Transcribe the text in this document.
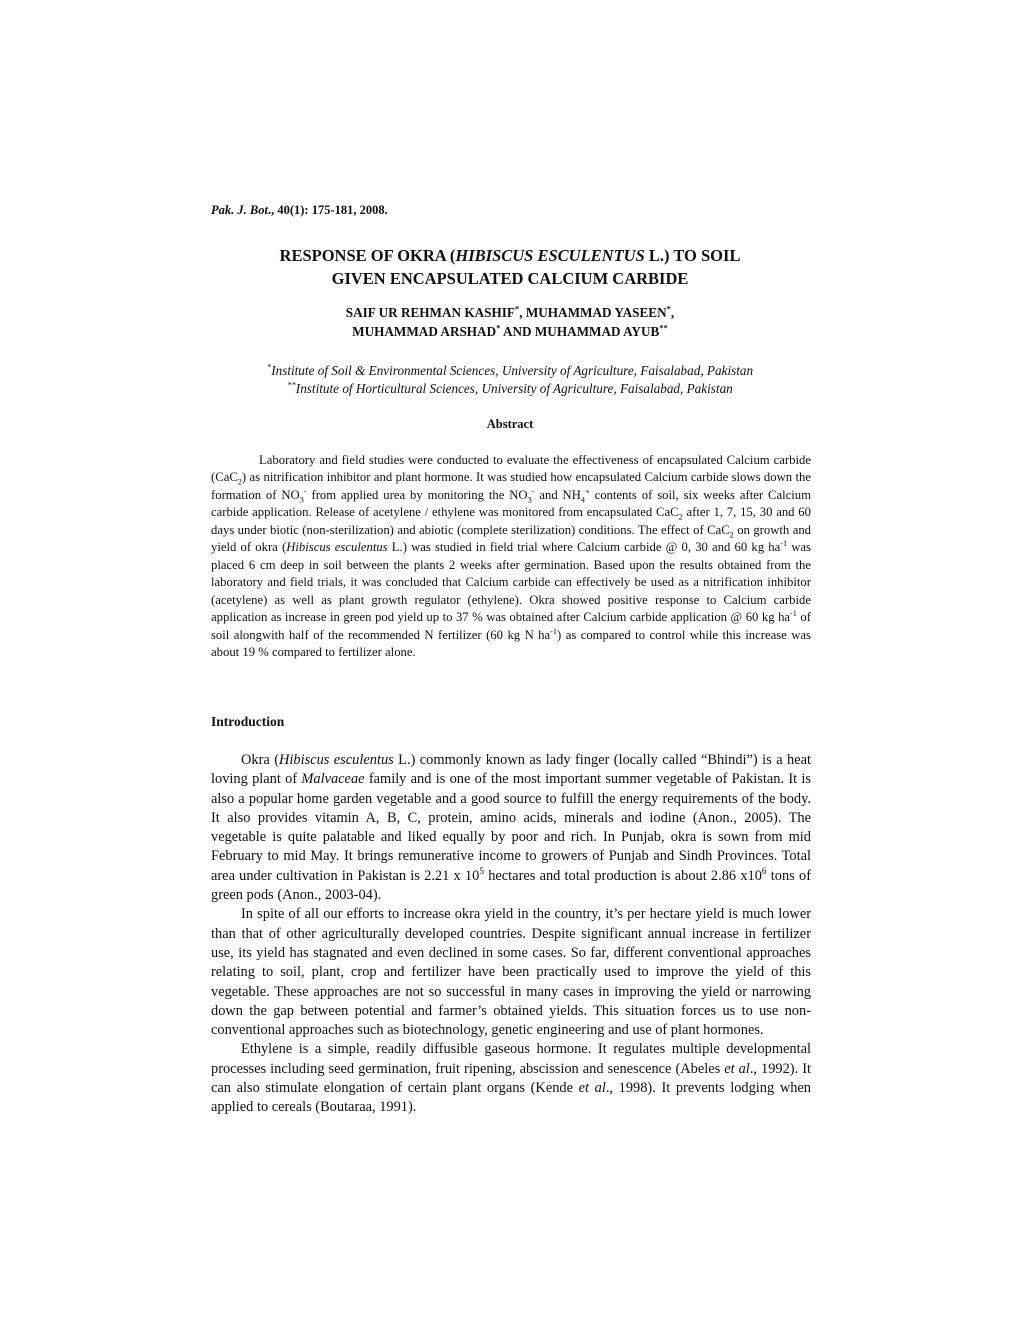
Pak. J. Bot., 40(1): 175-181, 2008.
RESPONSE OF OKRA (HIBISCUS ESCULENTUS L.) TO SOIL
GIVEN ENCAPSULATED CALCIUM CARBIDE
SAIF UR REHMAN KASHIF*, MUHAMMAD YASEEN*,
MUHAMMAD ARSHAD* AND MUHAMMAD AYUB**
*Institute of Soil & Environmental Sciences, University of Agriculture, Faisalabad, Pakistan
**Institute of Horticultural Sciences, University of Agriculture, Faisalabad, Pakistan
Abstract

Laboratory and field studies were conducted to evaluate the effectiveness of encapsulated Calcium carbide (CaC$_2$) as nitrification inhibitor and plant hormone. It was studied how encapsulated Calcium carbide slows down the formation of $NO_3^-$ from applied urea by monitoring the $NO_3^-$ and $NH_4^+$ contents of soil, six weeks after Calcium carbide application. Release of acetylene / ethylene was monitored from encapsulated CaC$_2$ after 1, 7, 15, 30 and 60 days under biotic (non-sterilization) and abiotic (complete sterilization) conditions. The effect of CaC$_2$ on growth and yield of okra (Hibiscus esculentus L.) was studied in field trial where Calcium carbide @ 0, 30 and 60 kg $ha^{-1}$ was placed 6 cm deep in soil between the plants 2 weeks after germination. Based upon the results obtained from the laboratory and field trials, it was concluded that Calcium carbide can effectively be used as a nitrification inhibitor (acetylene) as well as plant growth regulator (ethylene). Okra showed positive response to Calcium carbide application as increase in green pod yield up to 37 % was obtained after Calcium carbide application @ 60 kg $ha^{-1}$ of soil alongwith half of the recommended N fertilizer (60 kg N $ha^{-1}$) as compared to control while this increase was about 19 % compared to fertilizer alone.

Introduction

Okra (Hibiscus esculentus L.) commonly known as lady finger (locally called “Bhindi”) is a heat loving plant of Malvaceae family and is one of the most important summer vegetable of Pakistan. It is also a popular home garden vegetable and a good source to fulfill the energy requirements of the body. It also provides vitamin A, B, C, protein, amino acids, minerals and iodine (Anon., 2005). The vegetable is quite palatable and liked equally by poor and rich. In Punjab, okra is sown from mid February to mid May. It brings remunerative income to growers of Punjab and Sindh Provinces. Total area under cultivation in Pakistan is 2.21 x $10^5$ hectares and total production is about 2.86 $x10^6$ tons of green pods (Anon., 2003-04).

In spite of all our efforts to increase okra yield in the country, it’s per hectare yield is much lower than that of other agriculturally developed countries. Despite significant annual increase in fertilizer use, its yield has stagnated and even declined in some cases. So far, different conventional approaches relating to soil, plant, crop and fertilizer have been practically used to improve the yield of this vegetable. These approaches are not so successful in many cases in improving the yield or narrowing down the gap between potential and farmer’s obtained yields. This situation forces us to use non-conventional approaches such as biotechnology, genetic engineering and use of plant hormones.

Ethylene is a simple, readily diffusible gaseous hormone. It regulates multiple developmental processes including seed germination, fruit ripening, abscission and senescence (Abeles et al., 1992). It can also stimulate elongation of certain plant organs (Kende et al., 1998). It prevents lodging when applied to cereals (Boutaraa, 1991).
